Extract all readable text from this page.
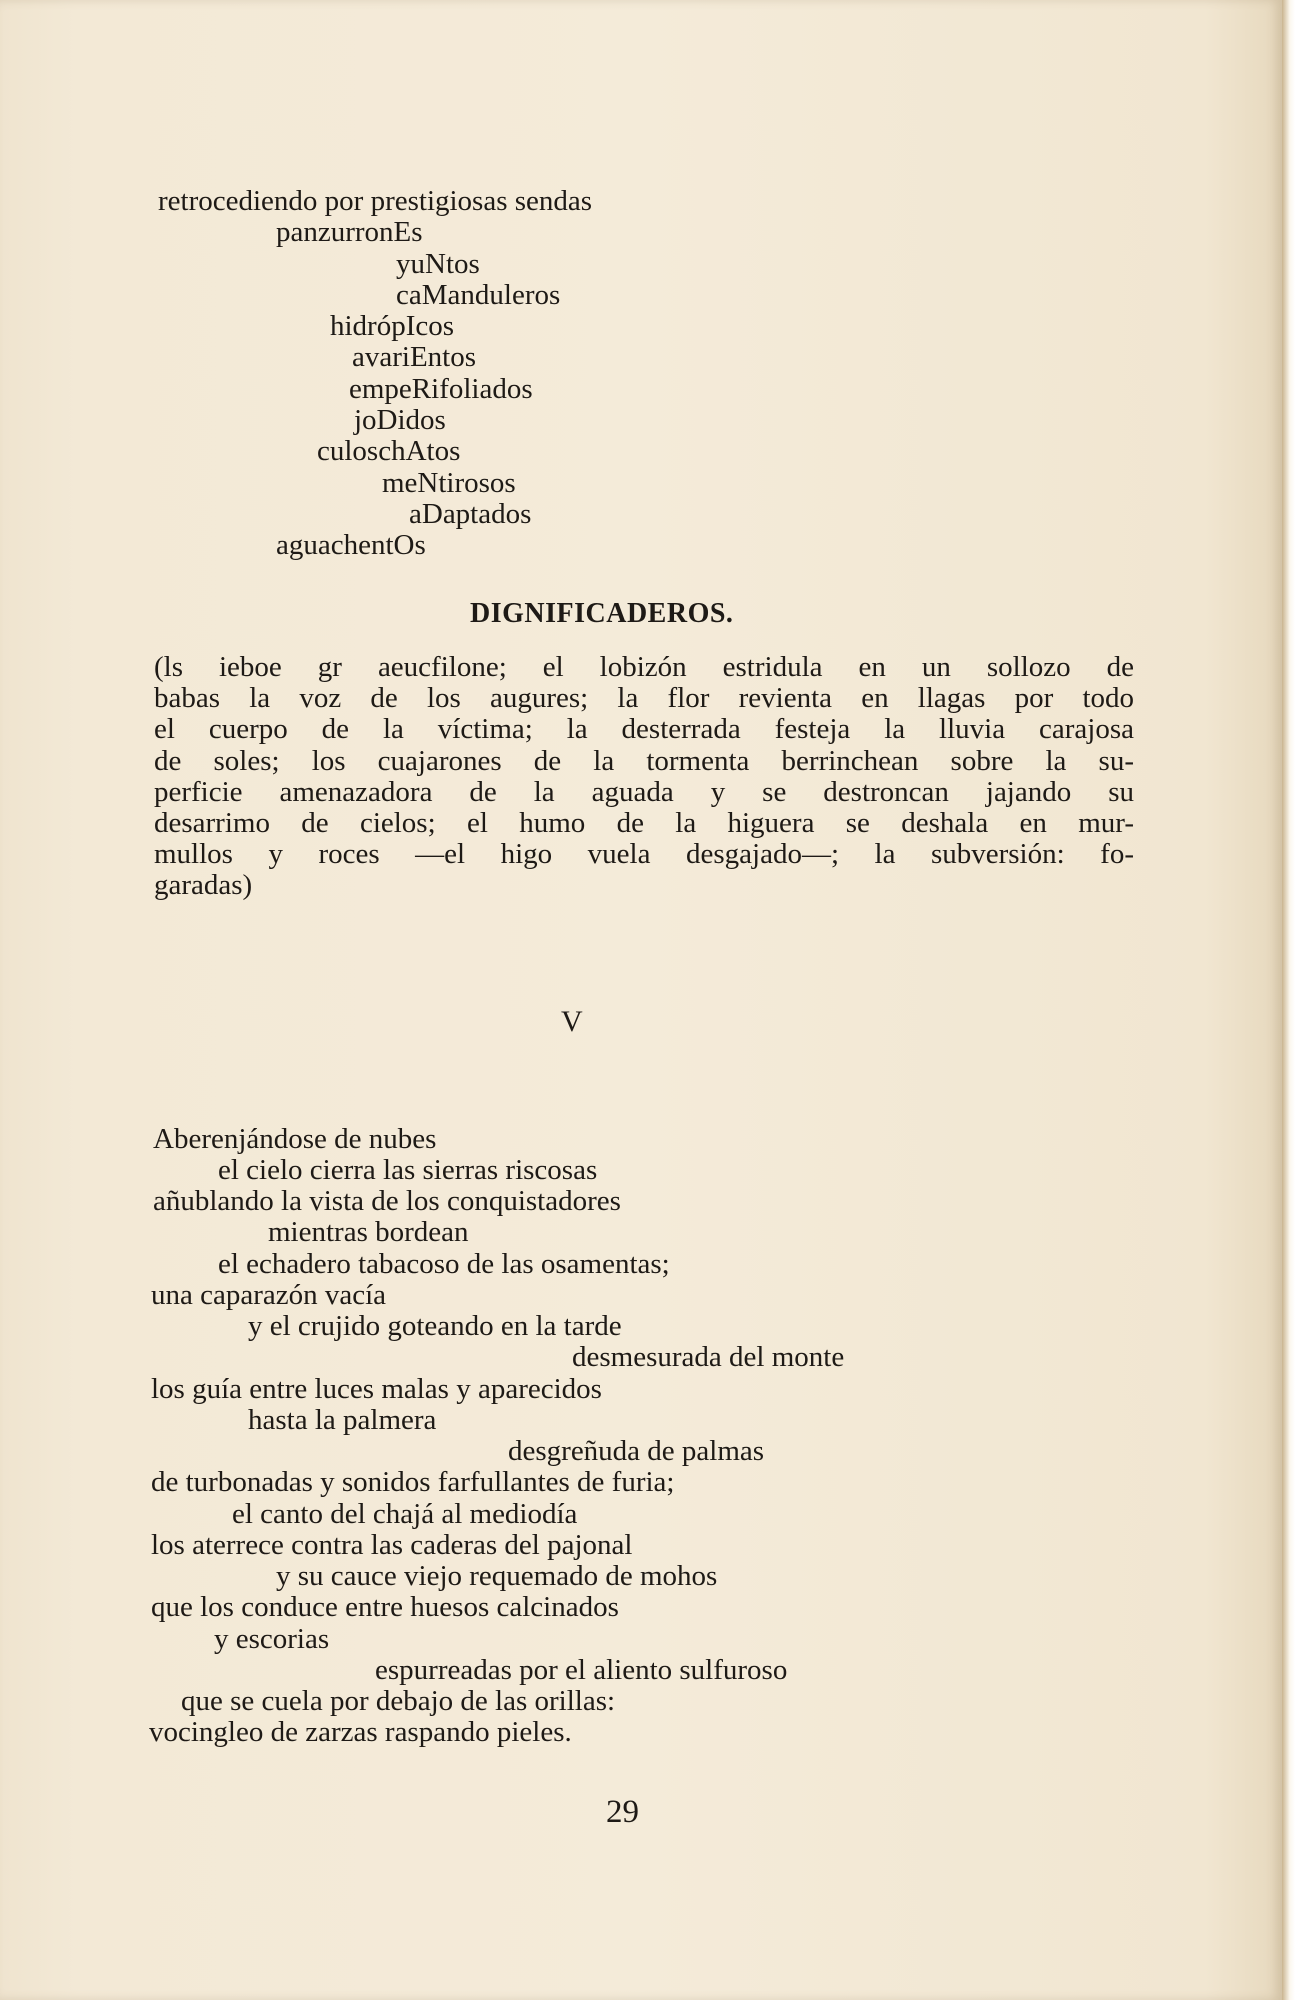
retrocediendo por prestigiosas sendas

panzurronEs

yuNtos

caManduleros

hidrópIcos

avariEntos

empeRifoliados

joDidos

culoschAtos

meNtirosos

aDaptados

aguachentOs

DIGNIFICADEROS.
(ls ieboe gr aeucfilone; el lobizón estridula en un sollozo de
babas la voz de los augures; la flor revienta en llagas por todo
el cuerpo de la víctima; la desterrada festeja la lluvia carajosa
de soles; los cuajarones de la tormenta berrinchean sobre la su-
perficie amenazadora de la aguada y se destroncan jajando su
desarrimo de cielos; el humo de la higuera se deshala en mur-
mullos y roces —el higo vuela desgajado—; la subversión: fo-
garadas)
V

Aberenjándose de nubes

el cielo cierra las sierras riscosas

añublando la vista de los conquistadores

mientras bordean

el echadero tabacoso de las osamentas;

una caparazón vacía

y el crujido goteando en la tarde

desmesurada del monte

los guía entre luces malas y aparecidos

hasta la palmera

desgreñuda de palmas

de turbonadas y sonidos farfullantes de furia;

el canto del chajá al mediodía

los aterrece contra las caderas del pajonal

y su cauce viejo requemado de mohos

que los conduce entre huesos calcinados

y escorias

espurreadas por el aliento sulfuroso

que se cuela por debajo de las orillas:

vocingleo de zarzas raspando pieles.

29
